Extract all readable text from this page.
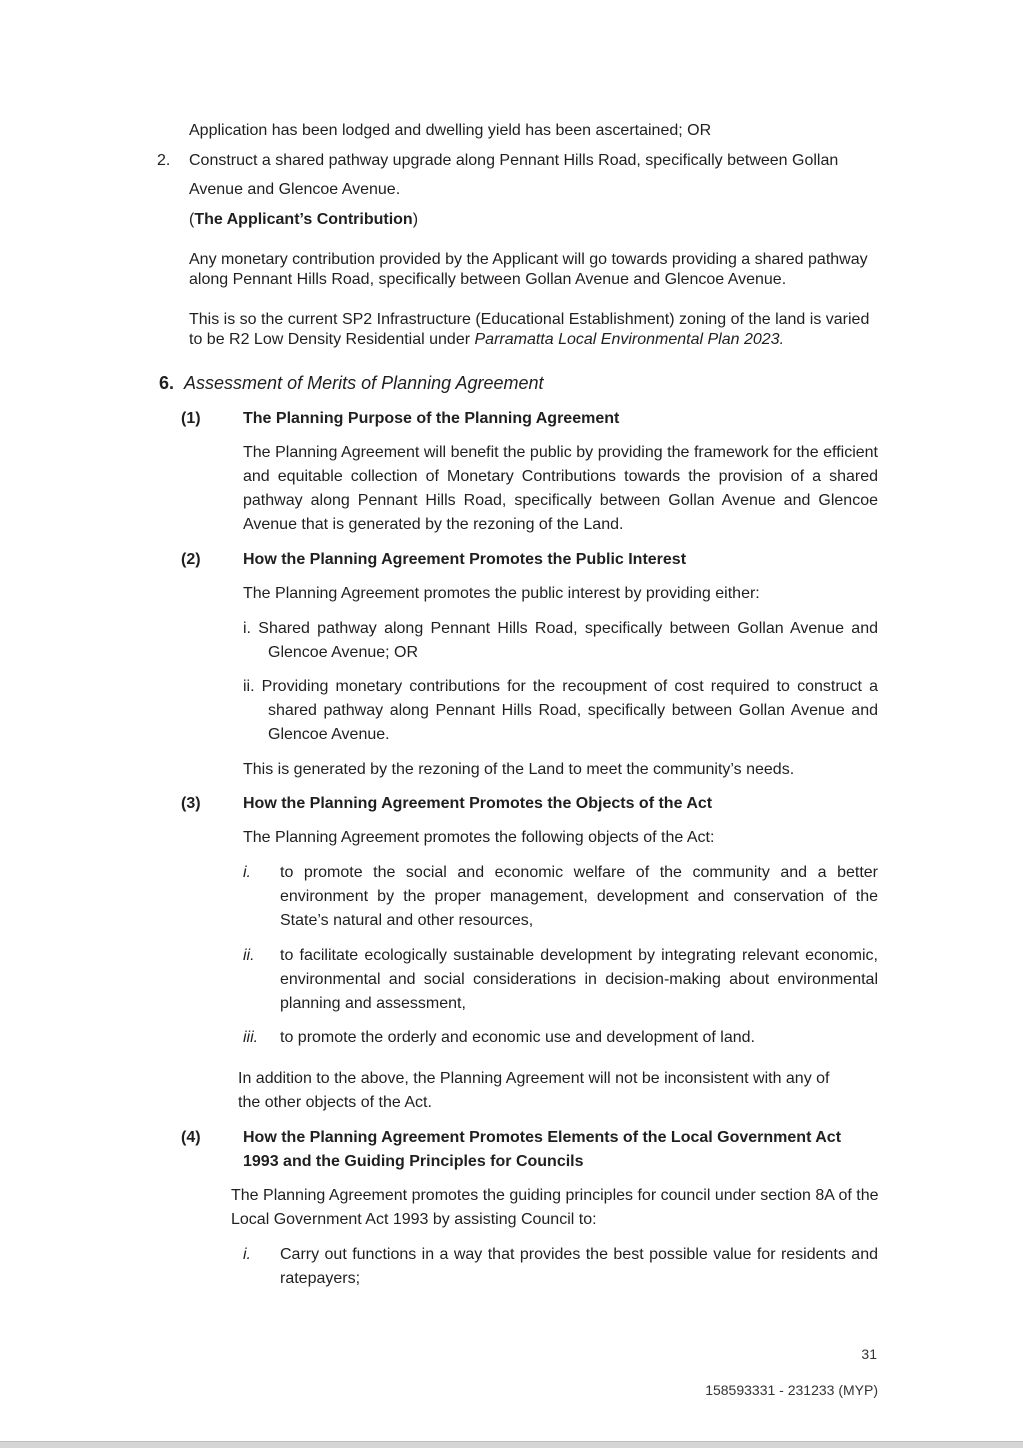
Application has been lodged and dwelling yield has been ascertained; OR
2. Construct a shared pathway upgrade along Pennant Hills Road, specifically between Gollan
Avenue and Glencoe Avenue.
(The Applicant’s Contribution)
Any monetary contribution provided by the Applicant will go towards providing a shared pathway along Pennant Hills Road, specifically between Gollan Avenue and Glencoe Avenue.
This is so the current SP2 Infrastructure (Educational Establishment) zoning of the land is varied to be R2 Low Density Residential under Parramatta Local Environmental Plan 2023.
6. Assessment of Merits of Planning Agreement
(1)	The Planning Purpose of the Planning Agreement
The Planning Agreement will benefit the public by providing the framework for the efficient and equitable collection of Monetary Contributions towards the provision of a shared pathway along Pennant Hills Road, specifically between Gollan Avenue and Glencoe Avenue that is generated by the rezoning of the Land.
(2)	How the Planning Agreement Promotes the Public Interest
The Planning Agreement promotes the public interest by providing either:
i. Shared pathway along Pennant Hills Road, specifically between Gollan Avenue and Glencoe Avenue; OR
ii. Providing monetary contributions for the recoupment of cost required to construct a shared pathway along Pennant Hills Road, specifically between Gollan Avenue and Glencoe Avenue.
This is generated by the rezoning of the Land to meet the community’s needs.
(3)	How the Planning Agreement Promotes the Objects of the Act
The Planning Agreement promotes the following objects of the Act:
i. to promote the social and economic welfare of the community and a better environment by the proper management, development and conservation of the State’s natural and other resources,
ii. to facilitate ecologically sustainable development by integrating relevant economic, environmental and social considerations in decision-making about environmental planning and assessment,
iii. to promote the orderly and economic use and development of land.
In addition to the above, the Planning Agreement will not be inconsistent with any of the other objects of the Act.
(4)	How the Planning Agreement Promotes Elements of the Local Government Act 1993 and the Guiding Principles for Councils
The Planning Agreement promotes the guiding principles for council under section 8A of the Local Government Act 1993 by assisting Council to:
i. Carry out functions in a way that provides the best possible value for residents and ratepayers;
31
158593331 - 231233 (MYP)
